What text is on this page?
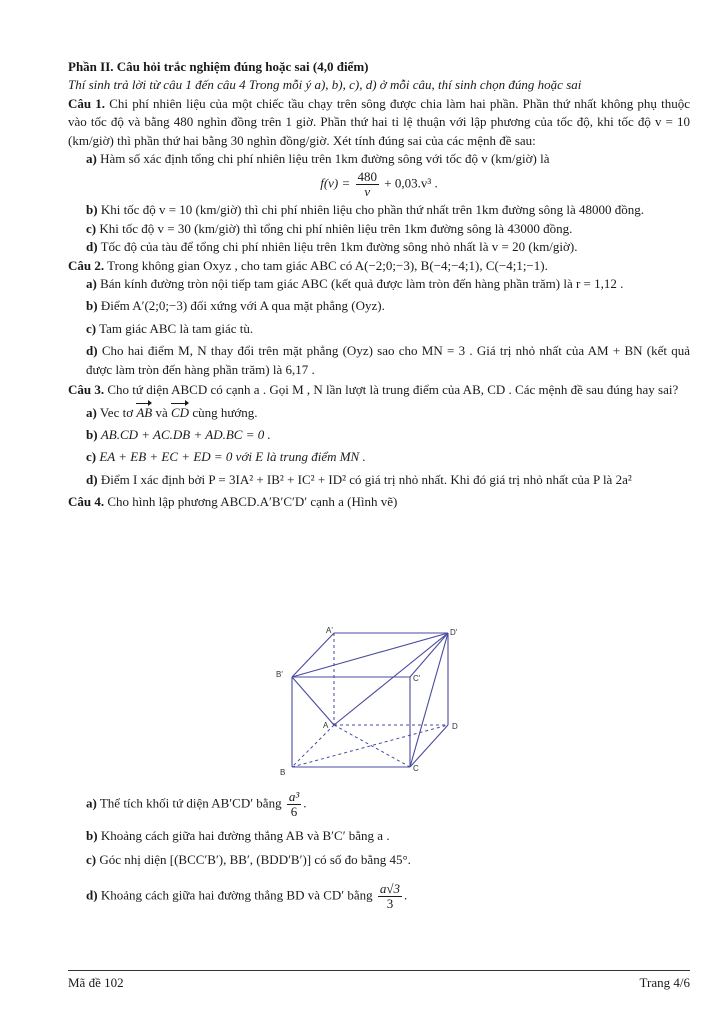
Phần II. Câu hỏi trắc nghiệm đúng hoặc sai (4,0 điểm)

Thí sinh trả lời từ câu 1 đến câu 4 Trong mỗi ý a), b), c), d) ở mỗi câu, thí sinh chọn đúng hoặc sai

Câu 1. Chi phí nhiên liệu của một chiếc tầu chạy trên sông được chia làm hai phần. Phần thứ nhất không phụ thuộc vào tốc độ và bằng 480 nghìn đồng trên 1 giờ. Phần thứ hai tỉ lệ thuận với lập phương của tốc độ, khi tốc độ v = 10 (km/giờ) thì phần thứ hai bằng 30 nghìn đồng/giờ. Xét tính đúng sai của các mệnh đề sau:

a) Hàm số xác định tổng chi phí nhiên liệu trên 1km đường sông với tốc độ v (km/giờ) là

$f(v) = \frac{480}{v} + 0,03.v^3$ .

b) Khi tốc độ v = 10 (km/giờ) thì chi phí nhiên liệu cho phần thứ nhất trên 1km đường sông là 48000 đồng.

c) Khi tốc độ v = 30 (km/giờ) thì tổng chi phí nhiên liệu trên 1km đường sông là 43000 đồng.

d) Tốc độ của tàu để tổng chi phí nhiên liệu trên 1km đường sông nhỏ nhất là v = 20 (km/giờ).

Câu 2. Trong không gian Oxyz , cho tam giác ABC có A(−2;0;−3), B(−4;−4;1), C(−4;1;−1).

a) Bán kính đường tròn nội tiếp tam giác ABC (kết quả được làm tròn đến hàng phần trăm) là r = 1,12 .

b) Điểm A′(2;0;−3) đối xứng với A qua mặt phẳng (Oyz).

c) Tam giác ABC là tam giác tù.

d) Cho hai điểm M, N thay đổi trên mặt phẳng (Oyz) sao cho MN = 3 . Giá trị nhỏ nhất của AM + BN (kết quả được làm tròn đến hàng phần trăm) là 6,17 .

Câu 3. Cho tứ diện ABCD có cạnh a . Gọi M , N lần lượt là trung điểm của AB, CD . Các mệnh đề sau đúng hay sai?

a) Vec tơ AB và CD cùng hướng.

b) AB.CD + AC.DB + AD.BC = 0 .

c) EA + EB + EC + ED = 0 với E là trung điểm MN .

d) Điểm I xác định bởi P = 3IA² + IB² + IC² + ID² có giá trị nhỏ nhất. Khi đó giá trị nhỏ nhất của P là 2a²

Câu 4. Cho hình lập phương ABCD.A′B′C′D′ cạnh a (Hình vẽ)

A'	D'
B'	C'
A	D
B	C

a) Thể tích khối tứ diện AB′CD′ bằng $\frac{\text{a³}}{6}$ .

b) Khoảng cách giữa hai đường thẳng AB và B′C′ bằng a .

c) Góc nhị diện [(BCC′B′), BB′, (BDD′B′)] có số đo bằng 45°.

d) Khoảng cách giữa hai đường thẳng BD và CD′ bằng $\frac{a√3}{3}$ .

Mã đề 102	Trang 4/6
